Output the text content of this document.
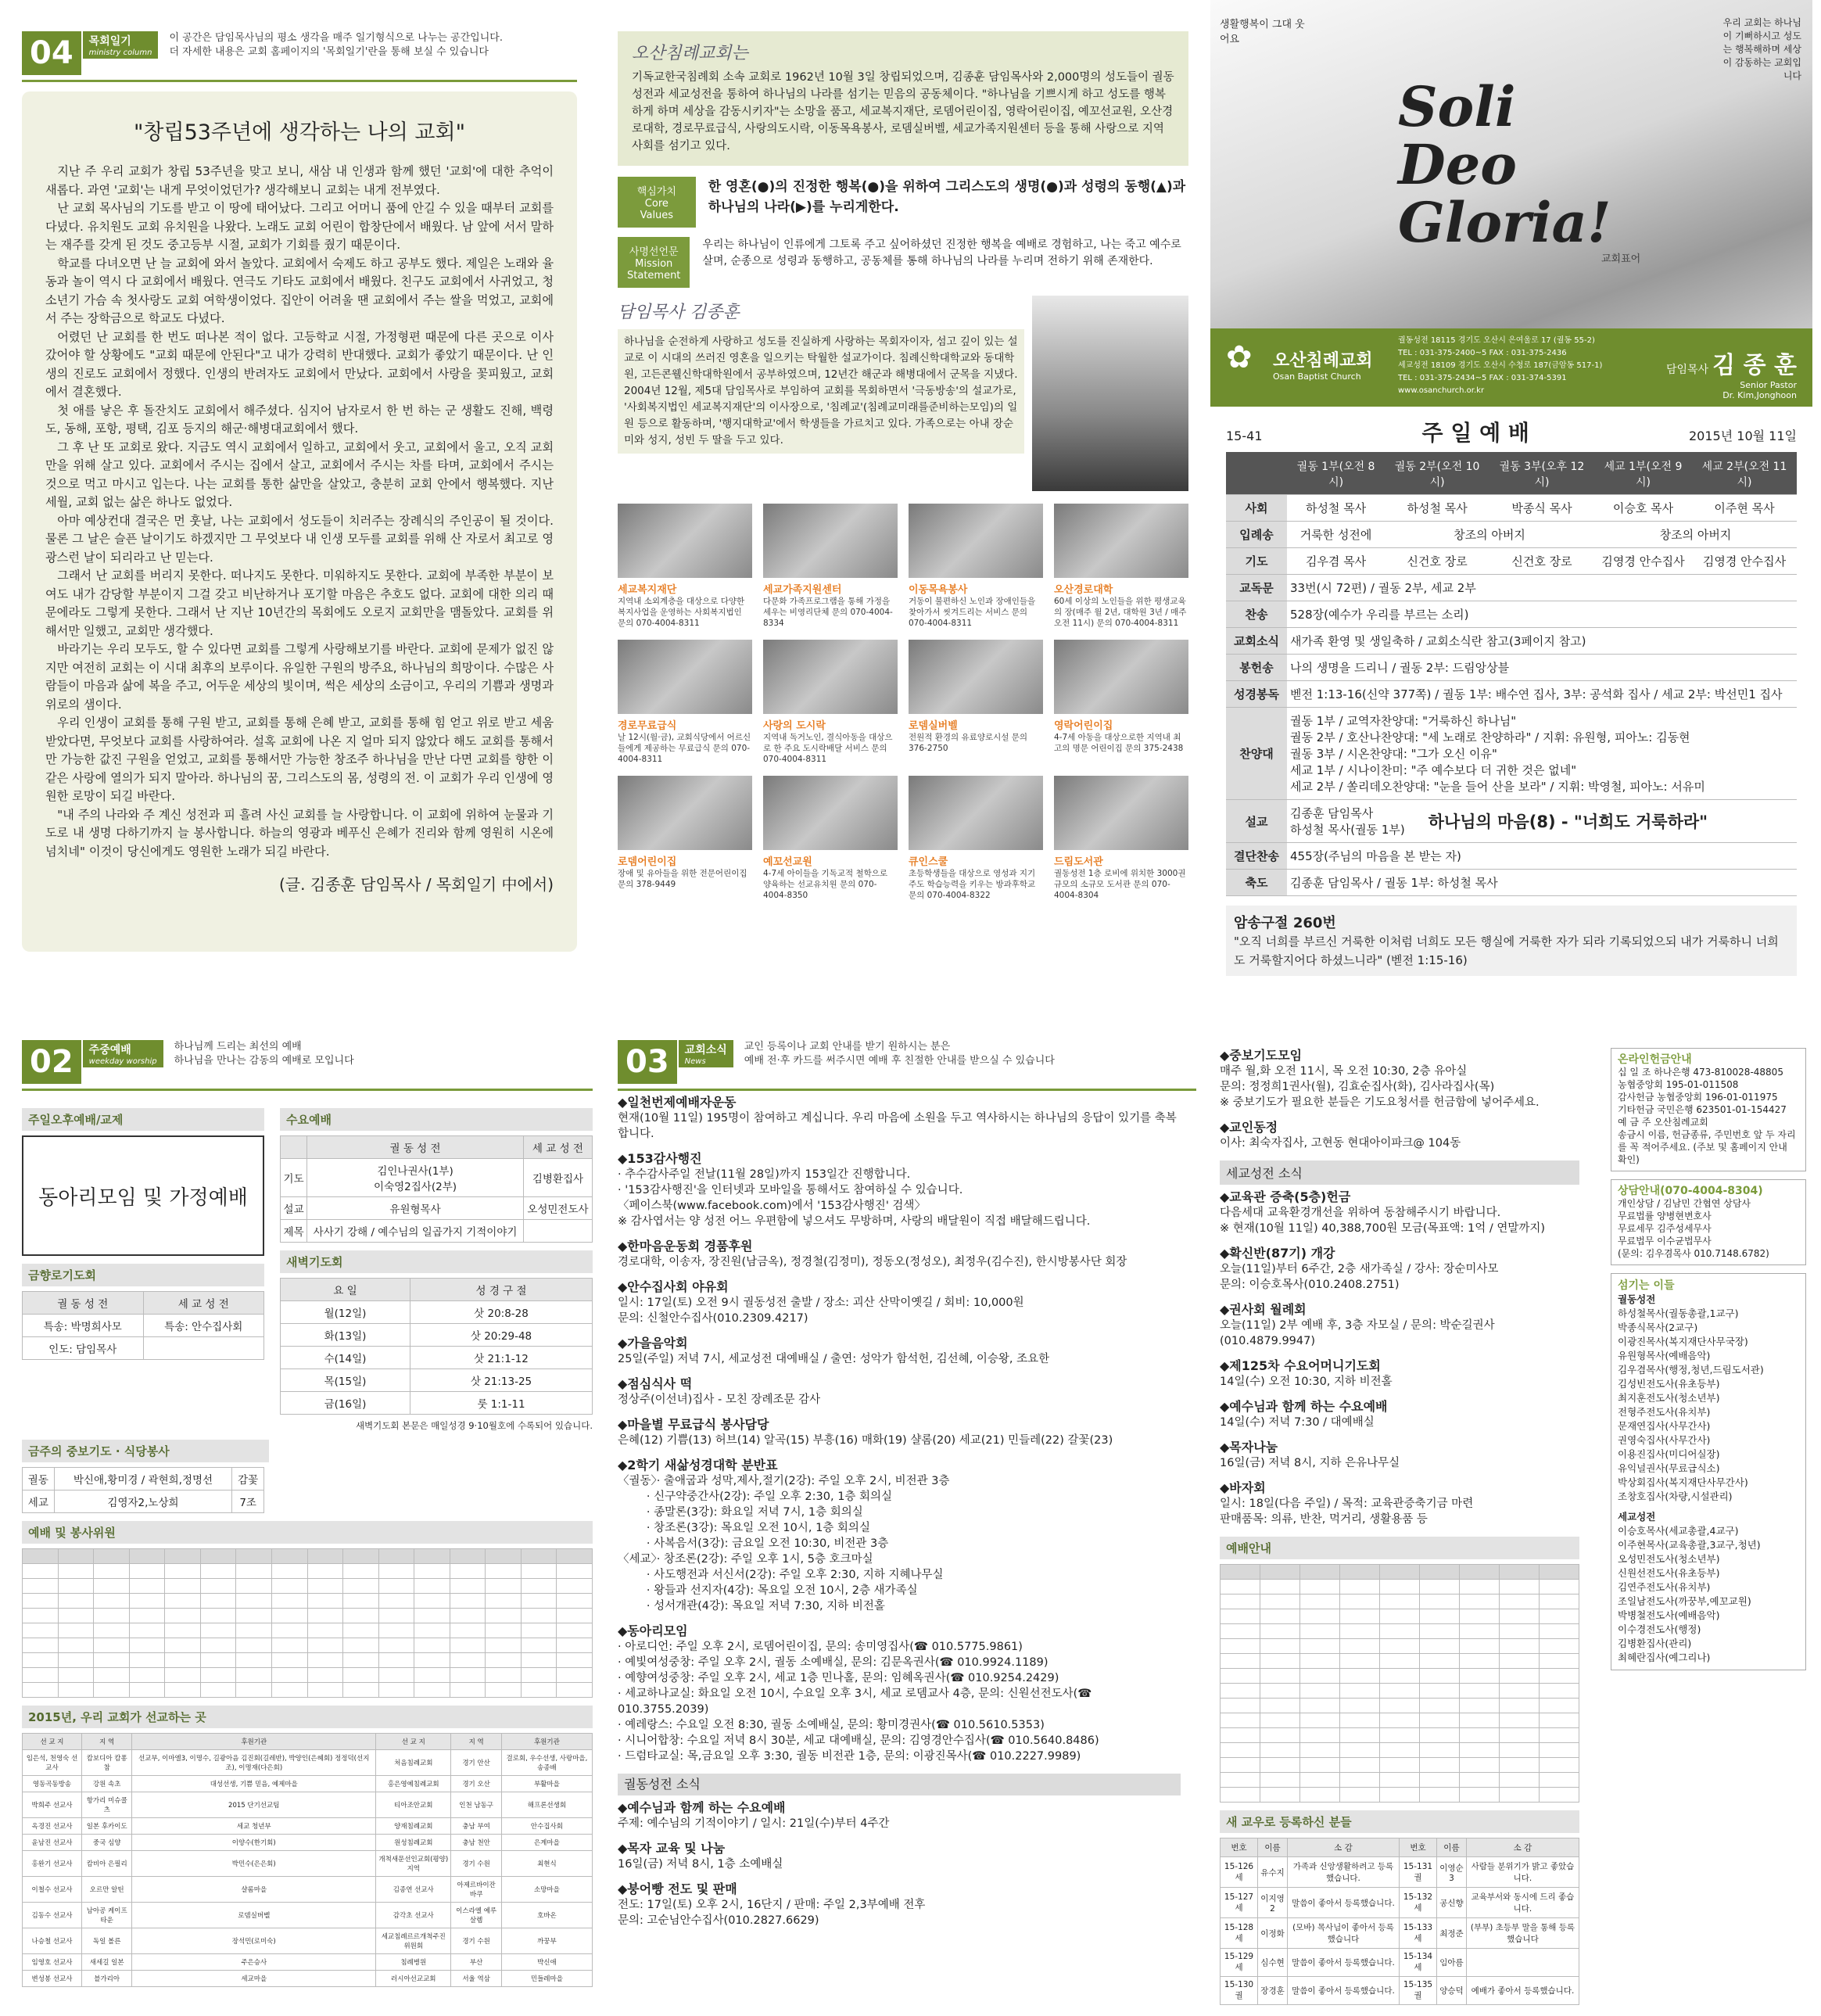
04	목회일기
ministry column
이 공간은 담임목사님의 평소 생각을 매주 일기형식으로 나누는 공간입니다.
더 자세한 내용은 교회 홈페이지의 '목회일기'란을 통해 보실 수 있습니다
"창립53주년에 생각하는 나의 교회"

지난 주 우리 교회가 창립 53주년을 맞고 보니, 새삼 내 인생과 함께 했던 '교회'에 대한 추억이 새롭다. 과연 '교회'는 내게 무엇이었던가? 생각해보니 교회는 내게 전부였다.

난 교회 목사님의 기도를 받고 이 땅에 태어났다. 그리고 어머니 품에 안길 수 있을 때부터 교회를 다녔다. 유치원도 교회 유치원을 나왔다. 노래도 교회 어린이 합창단에서 배웠다. 남 앞에 서서 말하는 재주를 갖게 된 것도 중고등부 시절, 교회가 기회를 줬기 때문이다.

학교를 다녀오면 난 늘 교회에 와서 놀았다. 교회에서 숙제도 하고 공부도 했다. 제일은 노래와 율동과 놀이 역시 다 교회에서 배웠다. 연극도 기타도 교회에서 배웠다. 친구도 교회에서 사귀었고, 청소년기 가슴 속 첫사랑도 교회 여학생이었다. 집안이 어려울 땐 교회에서 주는 쌀을 먹었고, 교회에서 주는 장학금으로 학교도 다녔다.

어렸던 난 교회를 한 번도 떠나본 적이 없다. 고등학교 시절, 가정형편 때문에 다른 곳으로 이사 갔어야 할 상황에도 "교회 때문에 안된다"고 내가 강력히 반대했다. 교회가 좋았기 때문이다. 난 인생의 진로도 교회에서 정했다. 인생의 반려자도 교회에서 만났다. 교회에서 사랑을 꽃피웠고, 교회에서 결혼했다.

첫 애를 낳은 후 돌잔치도 교회에서 해주셨다. 심지어 남자로서 한 번 하는 군 생활도 진해, 백령도, 동해, 포항, 평택, 김포 등지의 해군·해병대교회에서 했다.

그 후 난 또 교회로 왔다. 지금도 역시 교회에서 일하고, 교회에서 웃고, 교회에서 울고, 오직 교회만을 위해 살고 있다. 교회에서 주시는 집에서 살고, 교회에서 주시는 차를 타며, 교회에서 주시는 것으로 먹고 마시고 입는다. 나는 교회를 통한 삶만을 살았고, 충분히 교회 안에서 행복했다. 지난 세월, 교회 없는 삶은 하나도 없었다.

아마 예상컨대 결국은 먼 훗날, 나는 교회에서 성도들이 치러주는 장례식의 주인공이 될 것이다. 물론 그 날은 슬픈 날이기도 하겠지만 그 무엇보다 내 인생 모두를 교회를 위해 산 자로서 최고로 영광스런 날이 되리라고 난 믿는다.

그래서 난 교회를 버리지 못한다. 떠나지도 못한다. 미워하지도 못한다. 교회에 부족한 부분이 보여도 내가 감당할 부분이지 그걸 갖고 비난하거나 포기할 마음은 추호도 없다. 교회에 대한 의리 때문에라도 그렇게 못한다. 그래서 난 지난 10년간의 목회에도 오로지 교회만을 맴돌았다. 교회를 위해서만 일했고, 교회만 생각했다.

바라기는 우리 모두도, 할 수 있다면 교회를 그렇게 사랑해보기를 바란다. 교회에 문제가 없진 않지만 여전히 교회는 이 시대 최후의 보루이다. 유일한 구원의 방주요, 하나님의 희망이다. 수많은 사람들이 마음과 삶에 복을 주고, 어두운 세상의 빛이며, 썩은 세상의 소금이고, 우리의 기쁨과 생명과 위로의 샘이다.

우리 인생이 교회를 통해 구원 받고, 교회를 통해 은혜 받고, 교회를 통해 힘 얻고 위로 받고 세움 받았다면, 무엇보다 교회를 사랑하여라. 설혹 교회에 나온 지 얼마 되지 않았다 해도 교회를 통해서만 가능한 값진 구원을 얻었고, 교회를 통해서만 가능한 창조주 하나님을 만난 다면 교회를 향한 이 같은 사랑에 열의가 되지 말아라. 하나님의 꿈, 그리스도의 몸, 성령의 전. 이 교회가 우리 인생에 영원한 로망이 되길 바란다.

"내 주의 나라와 주 계신 성전과 피 흘려 사신 교회를 늘 사랑합니다. 이 교회에 위하여 눈물과 기도로 내 생명 다하기까지 늘 봉사합니다. 하늘의 영광과 베푸신 은혜가 진리와 함께 영원히 시온에 넘치네" 이것이 당신에게도 영원한 노래가 되길 바란다.

(글. 김종훈 담임목사 / 목회일기 中에서)
오산침례교회는
기독교한국침례회 소속 교회로 1962년 10월 3일 창립되었으며, 김종훈 담임목사와 2,000명의 성도들이 궐동성전과 세교성전을 통하여 하나님의 나라를 섬기는 믿음의 공동체이다. "하나님을 기쁘시게 하고 성도를 행복하게 하며 세상을 감동시키자"는 소망을 품고, 세교복지재단, 로뎀어린이집, 영락어린이집, 예꼬선교원, 오산경로대학, 경로무료급식, 사랑의도시락, 이동목욕봉사, 로뎀실버벨, 세교가족지원센터 등을 통해 사랑으로 지역사회를 섬기고 있다.
핵심가치
Core Values
한 영혼(●)의 진정한 행복(●)을 위하여 그리스도의 생명(●)과 성령의 동행(▲)과 하나님의 나라(▶)를 누리게한다.
사명선언문
Mission Statement
우리는 하나님이 인류에게 그토록 주고 싶어하셨던 진정한 행복을 예배로 경험하고, 나는 죽고 예수로 살며, 순종으로 성령과 동행하고, 공동체를 통해 하나님의 나라를 누리며 전하기 위해 존재한다.
담임목사 김종훈
하나님을 순전하게 사랑하고 성도를 진실하게 사랑하는 목회자이자, 섬고 깊이 있는 설교로 이 시대의 쓰러진 영혼을 일으키는 탁월한 설교가이다. 침례신학대학교와 동대학원, 고든콘웰신학대학원에서 공부하였으며, 12년간 해군과 해병대에서 군목을 지냈다. 2004년 12월, 제5대 담임목사로 부임하여 교회를 목회하면서 '극동방송'의 설교가로, '사회복지법인 세교복지재단'의 이사장으로, '침례교'(침례교미래를준비하는모임)의 일원 등으로 활동하며, '행지대학교'에서 학생들을 가르치고 있다. 가족으로는 아내 장순미와 성지, 성빈 두 딸을 두고 있다.
세교복지재단
지역내 소외계층을 대상으로 다양한 복지사업을 운영하는 사회복지법인 문의 070-4004-8311
세교가족지원센터
다문화 가족프로그램을 통해 가정을 세우는 비영리단체 문의 070-4004-8334
이동목욕봉사
거동이 불편하신 노인과 장애인들을 찾아가서 씻겨드리는 서비스 문의 070-4004-8311
오산경로대학
60세 이상의 노인들을 위한 평생교육의 장(매주 월 2년, 대학원 3년 / 매주 오전 11시) 문의 070-4004-8311
경로무료급식
날 12시(월·금), 교회식당에서 어르신들에게 제공하는 무료급식 문의 070-4004-8311
사랑의 도시락
지역내 독거노인, 결식아동을 대상으로 한 주요 도시락배달 서비스 문의 070-4004-8311
로뎀실버벨
전원적 환경의 유료양로시설 문의 376-2750
영락어린이집
4-7세 아동을 대상으로한 지역내 최고의 명문 어린이집 문의 375-2438
로뎀어린이집
장애 및 유아들을 위한 전문어린이집 문의 378-9449
예꼬선교원
4-7세 아이들을 기독교적 철학으로 양육하는 선교유치원 문의 070-4004-8350
큐인스쿨
초등학생들을 대상으로 영성과 지기 주도 학습능력을 키우는 방과후학교 문의 070-4004-8322
드림도서관
궐동성전 1층 로비에 위치한 3000권 규모의 소규모 도서관 문의 070-4004-8304
생활행복이 그대 웃어요
우리 교회는 하나님이 기뻐하시고 성도는 행복해하며 세상이 감동하는 교회입니다
Soli
Deo
Gloria!
교회표어
✿ 오산침례교회
Osan Baptist Church
궐동성전 18115 경기도 오산시 은여울로 17 (궐동 55-2)
TEL : 031-375-2400~5 FAX : 031-375-2436
세교성전 18109 경기도 오산시 수청로 187(금암동 517-1)
TEL : 031-375-2434~5 FAX : 031-374-5391
www.osanchurch.or.kr
담임목사 김 종 훈
Senior Pastor
Dr. Kim,Jonghoon
15-41	주 일 예 배	2015년 10월 11일
	궐동 1부(오전 8시)	궐동 2부(오전 10시)	궐동 3부(오후 12시)	세교 1부(오전 9시)	세교 2부(오전 11시)
사회	하성철 목사	하성철 목사	박종식 목사	이승호 목사	이주현 목사
입례송	거룩한 성전에	창조의 아버지		창조의 아버지	
기도	김우겸 목사	신건호 장로	신건호 장로	김영경 안수집사	김영경 안수집사
교독문	33번(시 72편) / 궐동 2부, 세교 2부				
찬송	528장(예수가 우리를 부르는 소리)				
교회소식	새가족 환영 및 생일축하 / 교회소식란 참고(3페이지 참고)				
봉헌송	나의 생명을 드리니 / 궐동 2부: 드림앙상블				
성경봉독	벧전 1:13-16(신약 377쪽) / 궐동 1부: 배수연 집사, 3부: 공석화 집사 / 세교 2부: 박선민1 집사				
찬양대	궐동 1부 / 교역자찬양대: "거룩하신 하나님"
궐동 2부 / 호산나찬양대: "세 노래로 찬양하라" / 지휘: 유원형, 피아노: 김동현
궐동 3부 / 시온찬양대: "그가 오신 이유"
세교 1부 / 시나이찬미: "주 예수보다 더 귀한 것은 없네"
세교 2부 / 쏠리데오찬양대: "눈을 들어 산을 보라" / 지휘: 박영철, 피아노: 서유미				

설교	김종훈 담임목사
하성철 목사(궐동 1부) 하나님의 마음(8) - "너희도 거룩하라"				

결단찬송	455장(주님의 마음을 본 받는 자)				
축도	김종훈 담임목사 / 궐동 1부: 하성철 목사				
암송구절 260번
"오직 너희를 부르신 거룩한 이처럼 너희도 모든 행실에 거룩한 자가 되라 기록되었으되 내가 거룩하니 너희도 거룩할지어다 하셨느니라" (벧전 1:15-16)
02	주중예배
weekday worship
하나님께 드리는 최선의 예배
하나님을 만나는 감동의 예배로 모입니다
주일오후예배/교제
동아리모임 및 가정예배
금향로기도회
궐 동 성 전	세 교 성 전
특송: 박명희사모	특송: 안수집사회
인도: 담임목사	
수요예배
	궐 동 성 전	세 교 성 전
기도	김인나권사(1부)
이숙영2집사(2부)	김병환집사
설교	유원형목사	오성민전도사
제목	사사기 강해 / 예수님의 일곱가지 기적이야기	
새벽기도회
요 일	성 경 구 절
월(12일)	삿 20:8-28
화(13일)	삿 20:29-48
수(14일)	삿 21:1-12
목(15일)	삿 21:13-25
금(16일)	룻 1:1-11
새벽기도회 본문은 매일성경 9·10월호에 수록되어 있습니다.
금주의 중보기도 · 식당봉사
궐동	박신애,황미경 / 곽현희,정명선	감꽃
세교	김영자2,노상희	7조
예배 및 봉사위원

2015년, 우리 교회가 선교하는 곳
선 교 지	지 역	후원기관	선 교 지	지 역	후원기관
임은석, 천영숙 선교사	캄보디아 캄퐁참	선교부, 이마엘3, 이명수, 길광아음 김진회(길레반), 박양인(은혜회) 정정덕(선지조), 이명재(다은회)	처음침례교회	경기 안산	걸로회, 우수선생, 사랑마을, 송종배
영동곡동방송	강원 속초	대성선생, 기쁨 믿음, 예제마을	홍은영예침례교회	경기 오산	부활마을
박희주 선교사	항가리 미슈콜츠	2015 단기선교팀	티아조안교회	인천 남동구	해프론선생회
옥경진 선교사	일본 후카이도	세교 청년부	양재침례교회	충남 부여	안수집사회
윤남진 선교사	중국 심양	이양수(한기회)	원성침례교회	충남 천안	은계마을
홍완기 선교사	캄비아 은필리	박민수(은은회)	개척새문선인교회(평양)지역	경기 수원	최현식
이철수 선교사	오르만 알틴	샬롬마을	김종연 선교사	아제르바이잔 바쿠	소망마을
김동수 선교사	남아공 케이프타운	로뎀실버벨	감각초 선교사	이스라엘 예루살렘	호바온
나승철 선교사	독일 볼른	장석민(로미숙)	세교침례르르개척주진위원회	경기 수원	까꿍부
임영호 선교사	새세길 일본	주은승사	침례병원	부산	박신애
변성봉 선교사	블가리아	세교마을	러시아선교교회	서울 역삼	민들레마을
03	교회소식
News
교인 등록이나 교회 안내를 받기 원하시는 분은
예배 전·후 카드를 써주시면 예배 후 친절한 안내를 받으실 수 있습니다
◆일천번제예배자운동
현재(10월 11일) 195명이 참여하고 계십니다. 우리 마음에 소원을 두고 역사하시는 하나님의 응답이 있기를 축복합니다.
◆153감사행진
· 추수감사주일 전날(11월 28일)까지 153일간 진행합니다.
· '153감사행진'을 인터넷과 모바일을 통해서도 참여하실 수 있습니다.
〈페이스북(www.facebook.com)에서 '153감사행진' 검색〉
※ 감사엽서는 양 성전 어느 우편함에 넣으셔도 무방하며, 사랑의 배달원이 직접 배달해드립니다.
◆한마음운동회 경품후원
경로대학, 이송자, 장진원(남금옥), 정경철(김정미), 정동오(정성오), 최정우(김수진), 한시방봉사단 회장
◆안수집사회 야유회
일시: 17일(토) 오전 9시 궐동성전 출발 / 장소: 괴산 산막이옛길 / 회비: 10,000원
문의: 신철안수집사(010.2309.4217)
◆가을음악회
25일(주일) 저녁 7시, 세교성전 대예배실 / 출연: 성악가 함석헌, 김선혜, 이승왕, 조요한
◆점심식사 떡
정상주(이선녀)집사 - 모친 장례조문 감사
◆마을별 무료급식 봉사담당
은혜(12) 기쁨(13) 허브(14) 알곡(15) 부흥(16) 매화(19) 샬롬(20) 세교(21) 민들레(22) 갈꽃(23)
◆2학기 새삶성경대학 분반표
〈궐동〉· 출애굽과 성막,제사,절기(2강): 주일 오후 2시, 비전관 3층
· 신구약중간사(2강): 주일 오후 2:30, 1층 회의실
· 종말론(3강): 화요일 저녁 7시, 1층 회의실
· 창조론(3강): 목요일 오전 10시, 1층 회의실
· 사복음서(3강): 금요일 오전 10:30, 비전관 3층
〈세교〉· 창조론(2강): 주일 오후 1시, 5층 호크마실
· 사도행전과 서신서(2강): 주일 오후 2:30, 지하 지혜나무실
· 왕들과 선지자(4강): 목요일 오전 10시, 2층 새가족실
· 성서개관(4강): 목요일 저녁 7:30, 지하 비전홀
◆동아리모임
· 아로디언: 주일 오후 2시, 로뎀어린이집, 문의: 송미영집사(☎ 010.5775.9861)
· 예빛여성중창: 주일 오후 2시, 궐동 소예배실, 문의: 김문옥권사(☎ 010.9924.1189)
· 예향여성중창: 주일 오후 2시, 세교 1층 민나홀, 문의: 임혜옥권사(☎ 010.9254.2429)
· 세교하나교실: 화요일 오전 10시, 수요일 오후 3시, 세교 로뎀교사 4층, 문의: 신원선전도사(☎ 010.3755.2039)
· 예레랑스: 수요일 오전 8:30, 궐동 소예배실, 문의: 황미경권사(☎ 010.5610.5353)
· 시니어합창: 수요일 저녁 8시 30분, 세교 대예배실, 문의: 김영경안수집사(☎ 010.5640.8486)
· 드럼타교실: 목,금요일 오후 3:30, 궐동 비전관 1층, 문의: 이광진목사(☎ 010.2227.9989)
궐동성전 소식
◆예수님과 함께 하는 수요예배
주제: 예수님의 기적이야기 / 일시: 21일(수)부터 4주간
◆목자 교육 및 나눔
16일(금) 저녁 8시, 1층 소예배실
◆붕어빵 전도 및 판매
전도: 17일(토) 오후 2시, 16단지 / 판매: 주일 2,3부예배 전후
문의: 고순님안수집사(010.2827.6629)
◆중보기도모임
매주 월,화 오전 11시, 목 오전 10:30, 2층 유아실
문의: 정정희1권사(월), 김효순집사(화), 김사라집사(목)
※ 중보기도가 필요한 분들은 기도요청서를 헌금함에 넣어주세요.
◆교인동정
이사: 최숙자집사, 고현동 현대아이파크@ 104동
세교성전 소식
◆교육관 증축(5층)헌금
다음세대 교육환경개선을 위하여 동참해주시기 바랍니다.
※ 현재(10월 11일) 40,388,700원 모금(목표액: 1억 / 연말까지)
◆확신반(87기) 개강
오늘(11일)부터 6주간, 2층 새가족실 / 강사: 장순미사모
문의: 이승호목사(010.2408.2751)
◆권사회 월례회
오늘(11일) 2부 예배 후, 3층 자모실 / 문의: 박순길권사(010.4879.9947)
◆제125차 수요어머니기도회
14일(수) 오전 10:30, 지하 비전홀
◆예수님과 함께 하는 수요예배
14일(수) 저녁 7:30 / 대예배실
◆목자나눔
16일(금) 저녁 8시, 지하 은유나무실
◆바자회
일시: 18일(다음 주일) / 목적: 교육관증축기금 마련
판매품목: 의류, 반찬, 먹거리, 생활용품 등
예배안내

새 교우로 등록하신 분들
번호	이름	소 감	번호	이름	소 감
15-126세	유수지	가족과 신앙생활하려고 등록했습니다.	15-131궐	이영순3	사람들 분위기가 밝고 좋았습니다.
15-127세	이지영2	말씀이 좋아서 등록했습니다.	15-132세	공신향	교육부서와 동시에 드리 좋습니다.
15-128세	이정화	(모바) 목사님이 좋아서 등록했습니다	15-133세	최정준	(부부) 초등부 말을 통해 등록했습니다
15-129세	심수현	말씀이 좋아서 등록했습니다.	15-134세	임아름	
15-130궐	장경훈	말씀이 좋아서 등록했습니다.	15-135궐	양승덕	예배가 좋아서 등록했습니다.
온라인헌금안내
십 일 조 하나은행 473-810028-48805
농협중앙회 195-01-011508
감사헌금 농협중앙회 196-01-011975
기타헌금 국민은행 623501-01-154427
예 금 주 오산침례교회
송금시 이름, 헌금종류, 주민번호 앞 두 자리를 꼭 적어주세요. (주보 및 홈페이지 안내 확인)
상담안내(070-4004-8304)
개인상담 / 김남민 간협연 상담사
무료법률 양병현변호사
무료세무 김주성세무사
무료법무 이수균법무사
(문의: 김우겸목사 010.7148.6782)
섬기는 이들
궐동성전
하성철목사(궐동총괄,1교구)
박종식목사(2교구)
이광진목사(복지재단사무국장)
유원형목사(예배음악)
김우겸목사(행정,청년,드림도서관)
김성빈전도사(유초등부)
최지훈전도사(청소년부)
전형주전도사(유치부)
문재연집사(사무간사)
권영숙집사(사무간사)
이용진집사(미디어실장)
유익널권사(무료급식소)
박상회집사(복지재단사무간사)
조창호집사(차량,시설관리)
세교성전
이승호목사(세교총괄,4교구)
이주현목사(교육총괄,3교구,청년)
오성민전도사(청소년부)
신원선전도사(유초등부)
김연주전도사(유치부)
조일남전도사(까꿍부,예꼬교원)
박병철전도사(예배음악)
이수경전도사(행정)
김병환집사(관리)
최혜란집사(예그리나)
